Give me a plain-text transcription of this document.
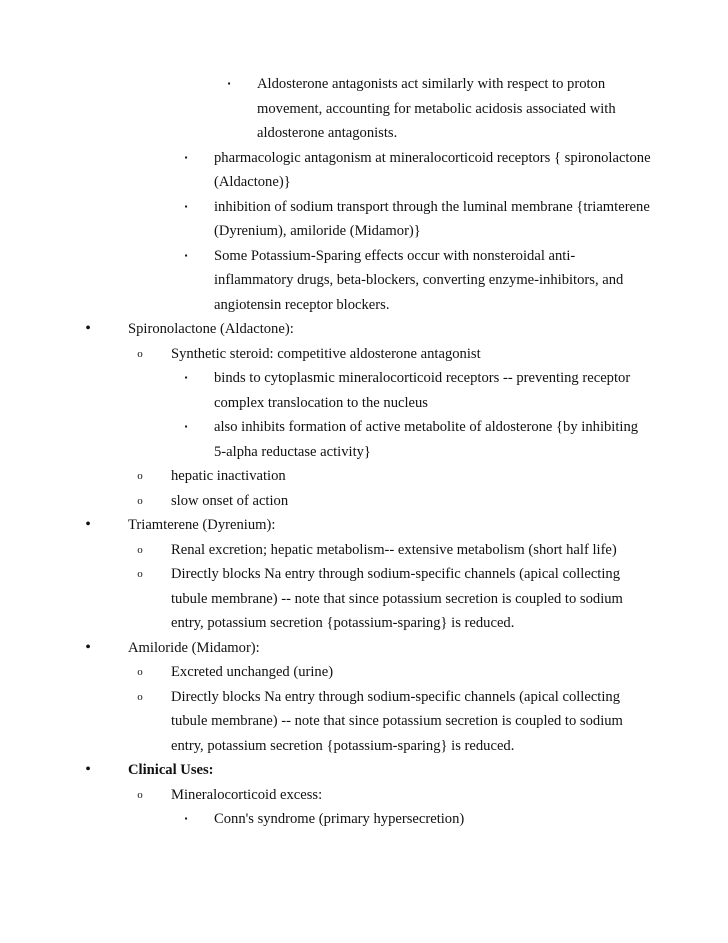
▪	Aldosterone antagonists act similarly with respect to proton
movement, accounting for metabolic acidosis associated with
aldosterone antagonists.
▪	pharmacologic antagonism at mineralocorticoid receptors { spironolactone
(Aldactone)}
▪	inhibition of sodium transport through the luminal membrane {triamterene
(Dyrenium), amiloride (Midamor)}
▪	Some Potassium-Sparing effects occur with nonsteroidal anti-
inflammatory drugs, beta-blockers, converting enzyme-inhibitors, and
angiotensin receptor blockers.
•	Spironolactone (Aldactone):
o	Synthetic steroid: competitive aldosterone antagonist
▪	binds to cytoplasmic mineralocorticoid receptors -- preventing receptor
complex translocation to the nucleus
▪	also inhibits formation of active metabolite of aldosterone {by inhibiting
5-alpha reductase activity}
o	hepatic inactivation
o	slow onset of action
•	Triamterene (Dyrenium):
o	Renal excretion; hepatic metabolism-- extensive metabolism (short half life)
o	Directly blocks Na entry through sodium-specific channels (apical collecting
tubule membrane) -- note that since potassium secretion is coupled to sodium
entry, potassium secretion {potassium-sparing} is reduced.
•	Amiloride (Midamor):
o	Excreted unchanged (urine)
o	Directly blocks Na entry through sodium-specific channels (apical collecting
tubule membrane) -- note that since potassium secretion is coupled to sodium
entry, potassium secretion {potassium-sparing} is reduced.
•	Clinical Uses:
o	Mineralocorticoid excess:
▪	Conn's syndrome (primary hypersecretion)
